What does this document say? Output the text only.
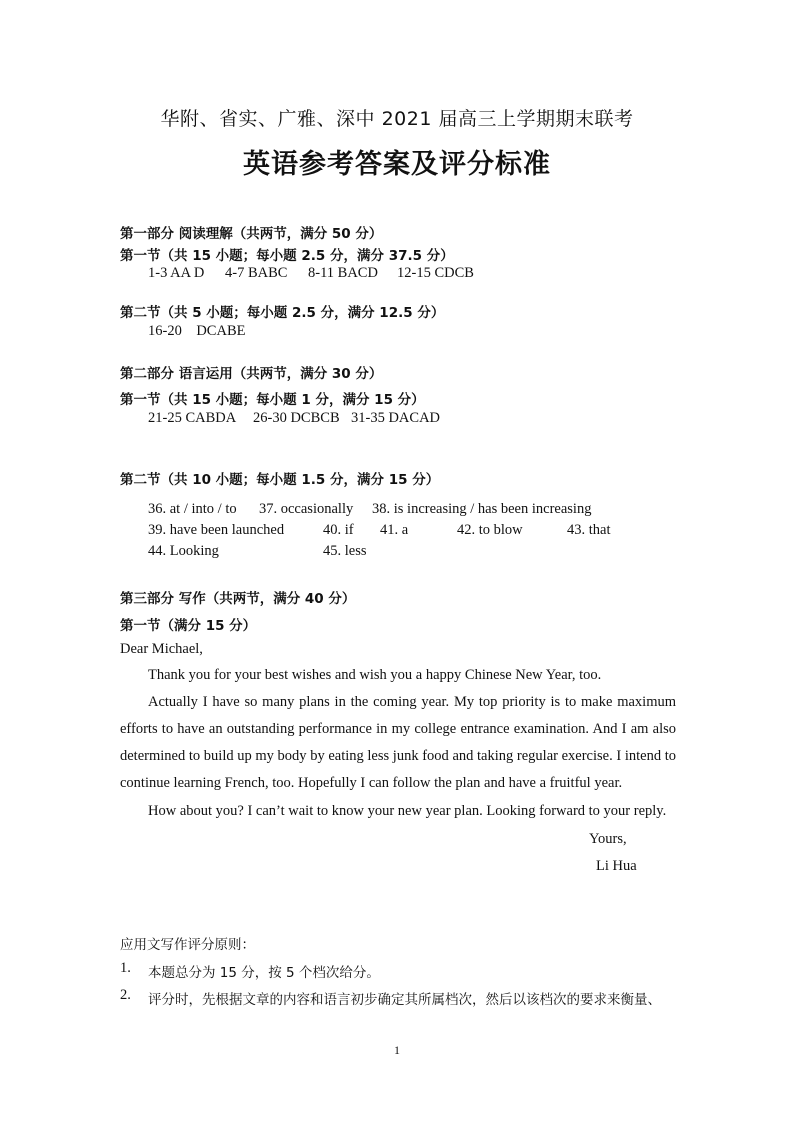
华附、省实、广雅、深中 2021 届高三上学期期末联考
英语参考答案及评分标准
第一部分 阅读理解（共两节，满分 50 分）
第一节（共 15 小题；每小题 2.5 分，满分 37.5 分）
1-3 AA D 4-7 BABC 8-11 BACD 12-15 CDCB
第二节（共 5 小题；每小题 2.5 分，满分 12.5 分）
16-20    DCABE
第二部分 语言运用（共两节，满分 30 分）
第一节（共 15 小题；每小题 1 分，满分 15 分）
21-25 CABDA 26-30 DCBCB 31-35 DACAD
第二节（共 10 小题；每小题 1.5 分，满分 15 分）
36. at / into / to 37. occasionally 38. is increasing / has been increasing
39. have been launched	40. if 41. a	42. to blow	43. that
44. Looking	45. less
第三部分 写作（共两节，满分 40 分）
第一节（满分 15 分）
Dear Michael,
Thank you for your best wishes and wish you a happy Chinese New Year, too.
Actually I have so many plans in the coming year. My top priority is to make maximum efforts to have an outstanding performance in my college entrance examination. And I am also determined to build up my body by eating less junk food and taking regular exercise. I intend to continue learning French, too. Hopefully I can follow the plan and have a fruitful year.
How about you? I can’t wait to know your new year plan. Looking forward to your reply.
Yours,
Li Hua
应用文写作评分原则：
1. 本题总分为 15 分，按 5 个档次给分。
2. 评分时，先根据文章的内容和语言初步确定其所属档次，然后以该档次的要求来衡量、
1
